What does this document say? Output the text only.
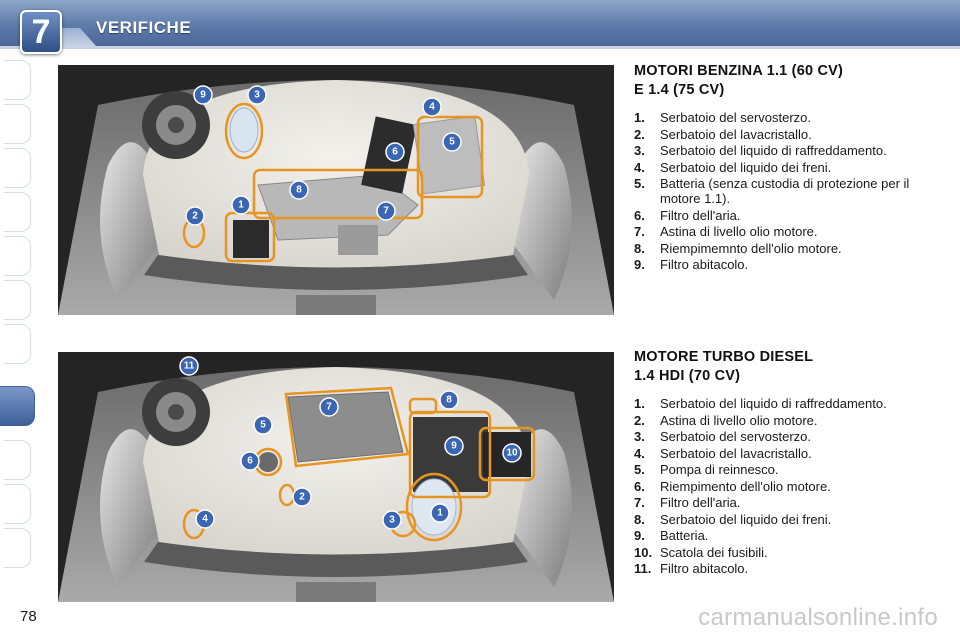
7	VERIFICHE
9	3
4
6
5
8
2
1
7
MOTORI BENZINA 1.1 (60 CV)
E 1.4 (75 CV)
1.	Serbatoio del servosterzo.
2.	Serbatoio del lavacristallo.
3.	Serbatoio del liquido di raffreddamento.
4.	Serbatoio del liquido dei freni.
5.	Batteria (senza custodia di protezione per il motore 1.1).
6.	Filtro dell'aria.
7.	Astina di livello olio motore.
8.	Riempimemnto dell'olio motore.
9.	Filtro abitacolo.
11
7
8
5
6
9
10
2
4	3
1
MOTORE TURBO DIESEL
1.4 HDI (70 CV)
1.	Serbatoio del liquido di raffreddamento.
2.	Astina di livello olio motore.
3.	Serbatoio del servosterzo.
4.	Serbatoio del lavacristallo.
5.	Pompa di reinnesco.
6.	Riempimento dell'olio motore.
7.	Filtro dell'aria.
8.	Serbatoio del liquido dei freni.
9.	Batteria.
10. Scatola dei fusibili.
11. Filtro abitacolo.
78	carmanualsonline.info
